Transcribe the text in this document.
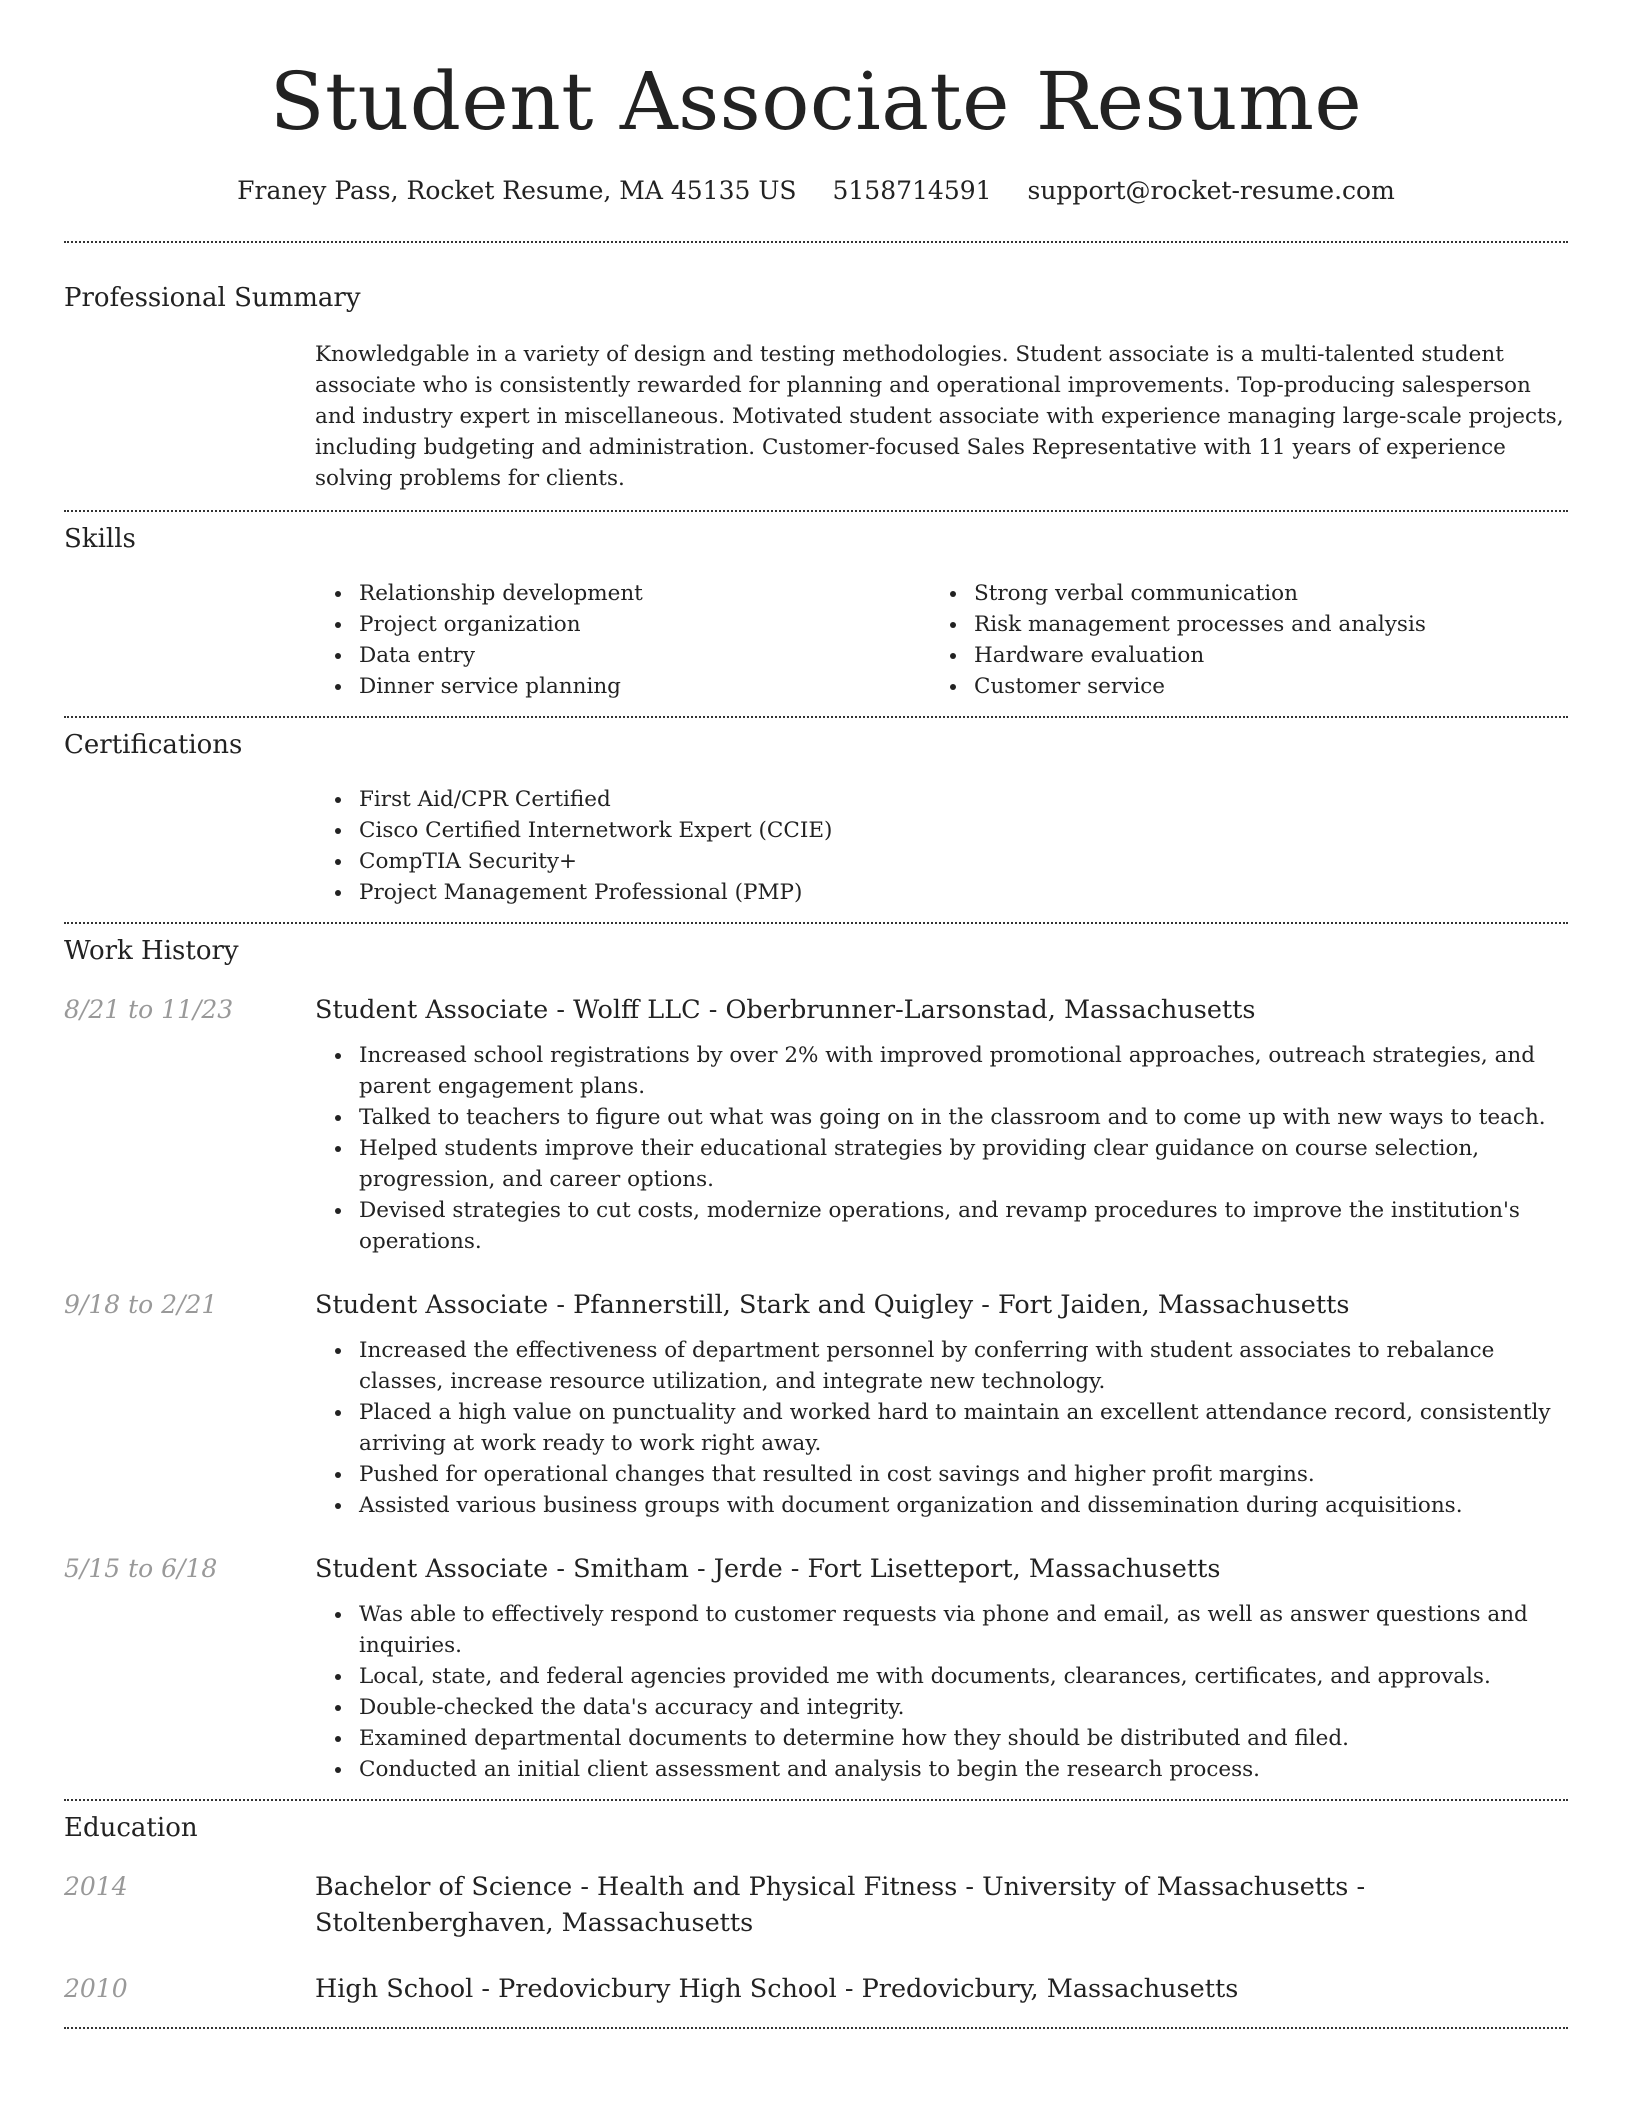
Student Associate Resume
Franey Pass, Rocket Resume, MA 45135 US 5158714591 support@rocket-resume.com
Professional Summary
Knowledgable in a variety of design and testing methodologies. Student associate is a multi-talented student associate who is consistently rewarded for planning and operational improvements. Top-producing salesperson and industry expert in miscellaneous. Motivated student associate with experience managing large-scale projects, including budgeting and administration. Customer-focused Sales Representative with 11 years of experience solving problems for clients.
Skills
Relationship development
Project organization
Data entry
Dinner service planning
Strong verbal communication
Risk management processes and analysis
Hardware evaluation
Customer service
Certifications
First Aid/CPR Certified
Cisco Certified Internetwork Expert (CCIE)
CompTIA Security+
Project Management Professional (PMP)
Work History
8/21 to 11/23	Student Associate - Wolff LLC - Oberbrunner-Larsonstad, Massachusetts
Increased school registrations by over 2% with improved promotional approaches, outreach strategies, and parent engagement plans.
Talked to teachers to figure out what was going on in the classroom and to come up with new ways to teach.
Helped students improve their educational strategies by providing clear guidance on course selection, progression, and career options.
Devised strategies to cut costs, modernize operations, and revamp procedures to improve the institution's operations.
9/18 to 2/21	Student Associate - Pfannerstill, Stark and Quigley - Fort Jaiden, Massachusetts
Increased the effectiveness of department personnel by conferring with student associates to rebalance classes, increase resource utilization, and integrate new technology.
Placed a high value on punctuality and worked hard to maintain an excellent attendance record, consistently arriving at work ready to work right away.
Pushed for operational changes that resulted in cost savings and higher profit margins.
Assisted various business groups with document organization and dissemination during acquisitions.
5/15 to 6/18	Student Associate - Smitham - Jerde - Fort Lisetteport, Massachusetts
Was able to effectively respond to customer requests via phone and email, as well as answer questions and inquiries.
Local, state, and federal agencies provided me with documents, clearances, certificates, and approvals.
Double-checked the data's accuracy and integrity.
Examined departmental documents to determine how they should be distributed and filed.
Conducted an initial client assessment and analysis to begin the research process.
Education
2014	Bachelor of Science - Health and Physical Fitness - University of Massachusetts - Stoltenberghaven, Massachusetts
2010	High School - Predovicbury High School - Predovicbury, Massachusetts
